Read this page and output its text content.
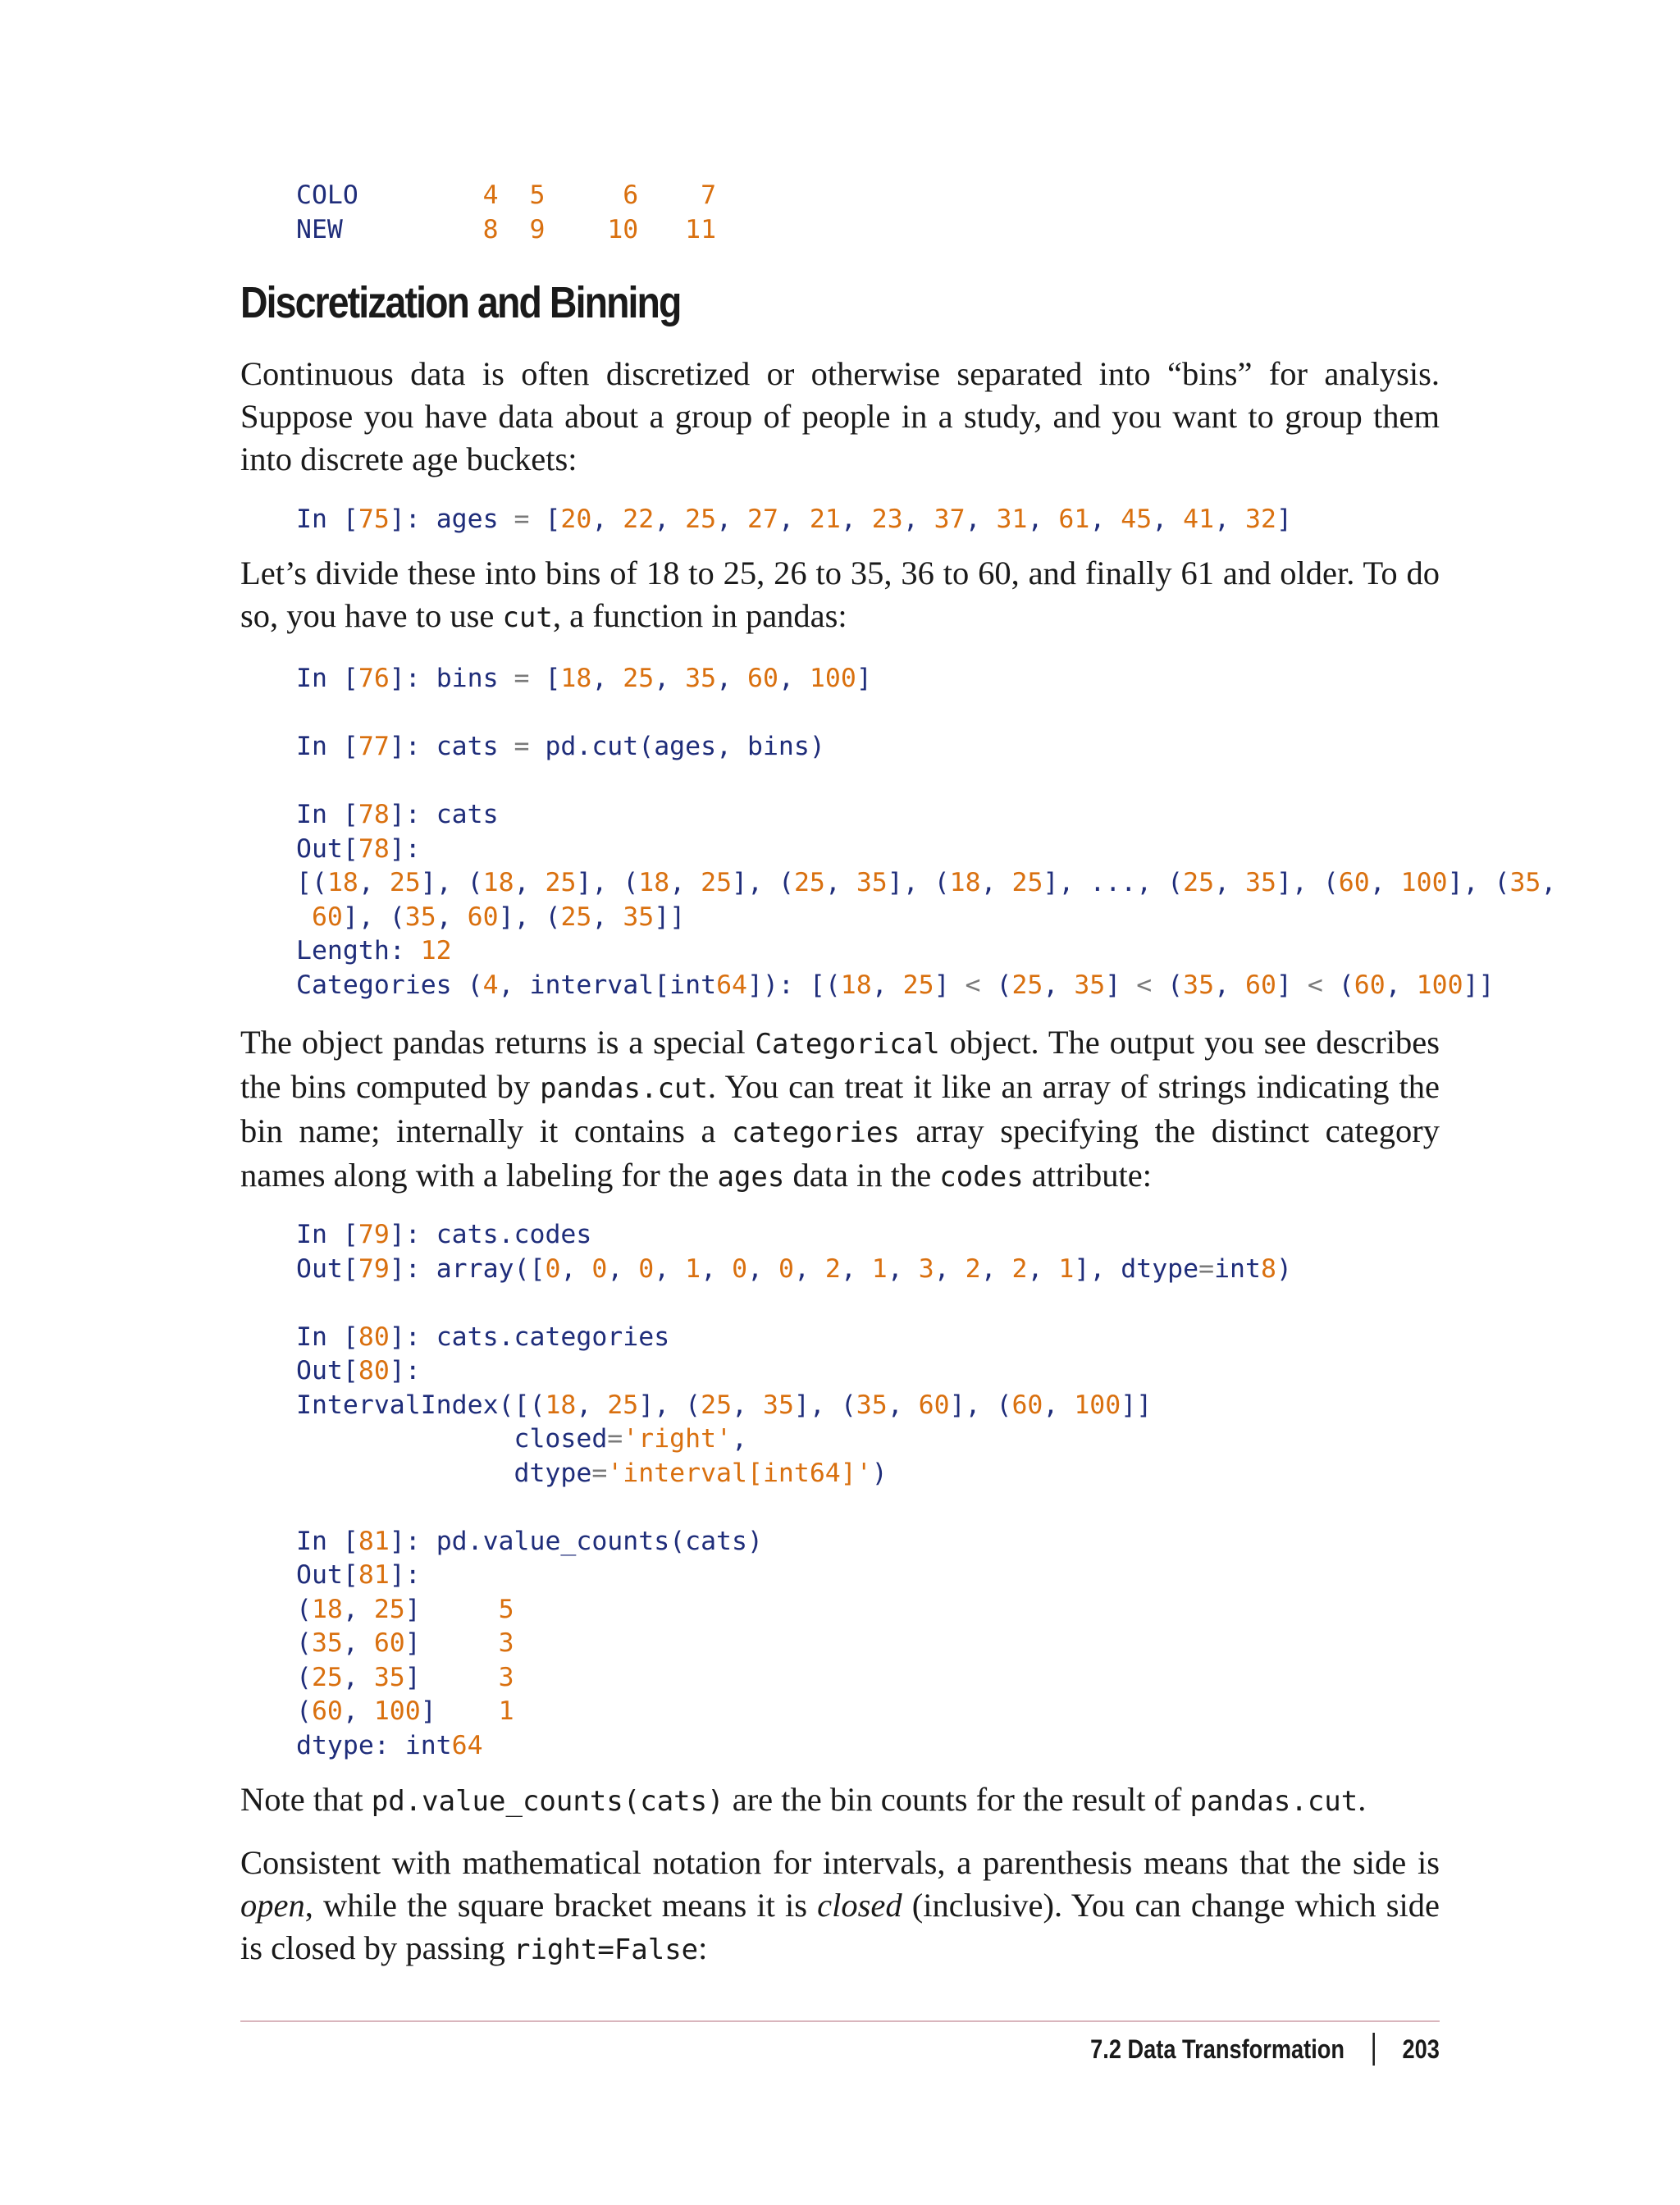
COLO        4 5	6 7
NEW	8 9 10 11
Discretization and Binning

Continuous data is often discretized or otherwise separated into “bins” for analysis. Suppose you have data about a group of people in a study, and you want to group them into discrete age buckets:

In [75]: ages = [20, 22, 25, 27, 21, 23, 37, 31, 61, 45, 41, 32]

Let’s divide these into bins of 18 to 25, 26 to 35, 36 to 60, and finally 61 and older. To do so, you have to use cut, a function in pandas:

In [76]: bins = [18, 25, 35, 60, 100]

In [77]: cats = pd.cut(ages, bins)

In [78]: cats
Out[78]:
[(18, 25], (18, 25], (18, 25], (25, 35], (18, 25], ..., (25, 35], (60, 100], (35,
60], (35, 60], (25, 35]]
Length: 12
Categories (4, interval[int64]): [(18, 25] < (25, 35] < (35, 60] < (60, 100]]

The object pandas returns is a special Categorical object. The output you see describes the bins computed by pandas.cut. You can treat it like an array of strings indicating the bin name; internally it contains a categories array specifying the distinct category names along with a labeling for the ages data in the codes attribute:

In [79]: cats.codes
Out[79]: array([0, 0, 0, 1, 0, 0, 2, 1, 3, 2, 2, 1], dtype=int8)

In [80]: cats.categories
Out[80]:
IntervalIndex([(18, 25], (25, 35], (35, 60], (60, 100]]
closed='right',
dtype='interval[int64]')

In [81]: pd.value_counts(cats)
Out[81]:
(18, 25]     5
(35, 60]     3
(25, 35]     3
(60, 100]    1
dtype: int64

Note that pd.value_counts(cats) are the bin counts for the result of pandas.cut.

Consistent with mathematical notation for intervals, a parenthesis means that the side is open, while the square bracket means it is closed (inclusive). You can change which side is closed by passing right=False:

7.2 Data Transformation 203
